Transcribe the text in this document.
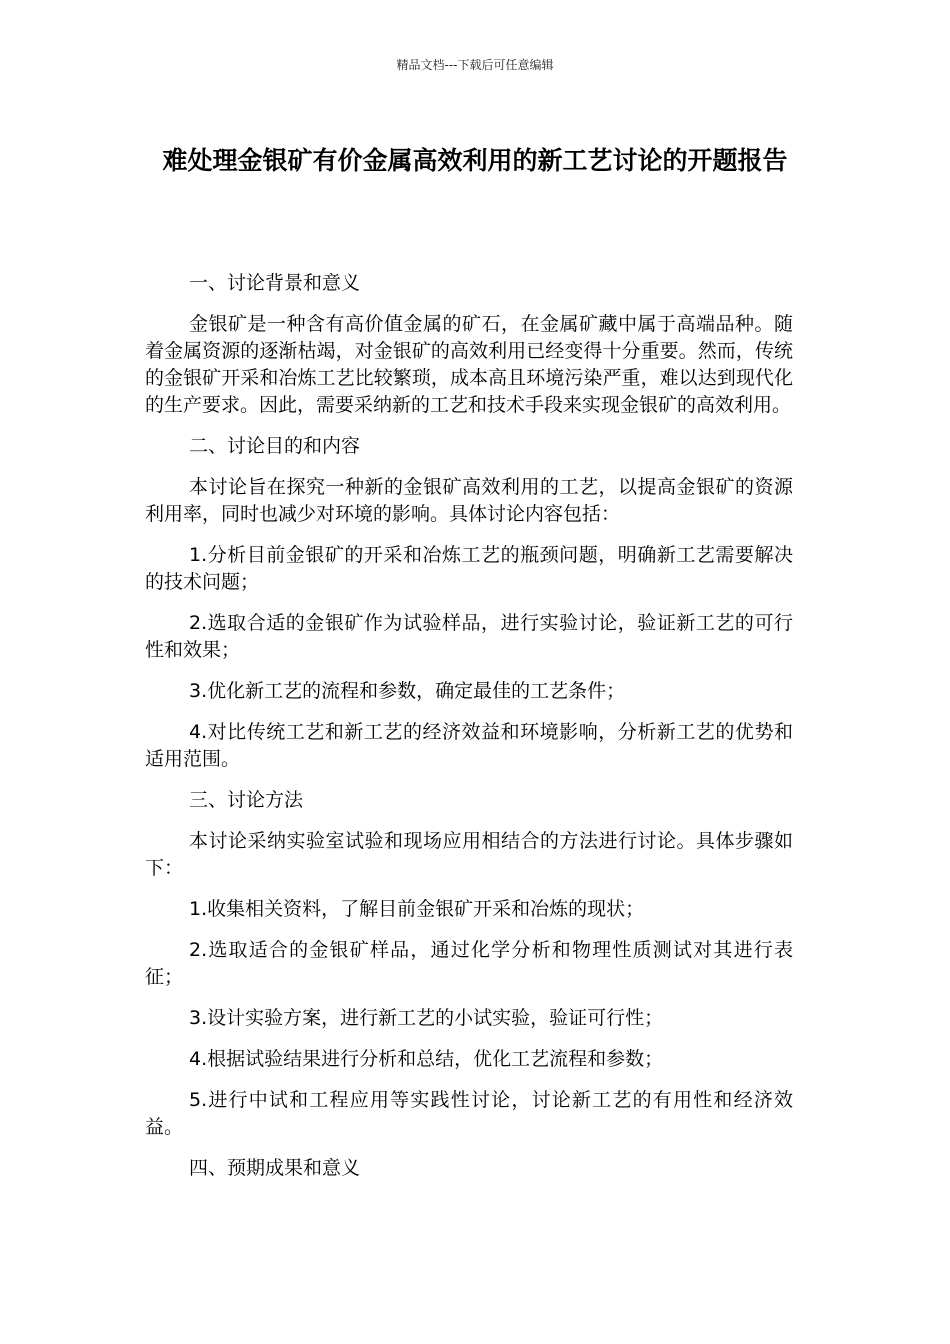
精品文档---下载后可任意编辑
难处理金银矿有价金属高效利用的新工艺讨论的开题报告

一、讨论背景和意义

金银矿是一种含有高价值金属的矿石，在金属矿藏中属于高端品种。随着金属资源的逐渐枯竭，对金银矿的高效利用已经变得十分重要。然而，传统的金银矿开采和冶炼工艺比较繁琐，成本高且环境污染严重，难以达到现代化的生产要求。因此，需要采纳新的工艺和技术手段来实现金银矿的高效利用。

二、讨论目的和内容

本讨论旨在探究一种新的金银矿高效利用的工艺，以提高金银矿的资源利用率，同时也减少对环境的影响。具体讨论内容包括：

1.分析目前金银矿的开采和冶炼工艺的瓶颈问题，明确新工艺需要解决的技术问题；

2.选取合适的金银矿作为试验样品，进行实验讨论，验证新工艺的可行性和效果；

3.优化新工艺的流程和参数，确定最佳的工艺条件；

4.对比传统工艺和新工艺的经济效益和环境影响，分析新工艺的优势和适用范围。

三、讨论方法

本讨论采纳实验室试验和现场应用相结合的方法进行讨论。具体步骤如下：

1.收集相关资料，了解目前金银矿开采和冶炼的现状；

2.选取适合的金银矿样品，通过化学分析和物理性质测试对其进行表征；

3.设计实验方案，进行新工艺的小试实验，验证可行性；

4.根据试验结果进行分析和总结，优化工艺流程和参数；

5.进行中试和工程应用等实践性讨论，讨论新工艺的有用性和经济效益。

四、预期成果和意义
